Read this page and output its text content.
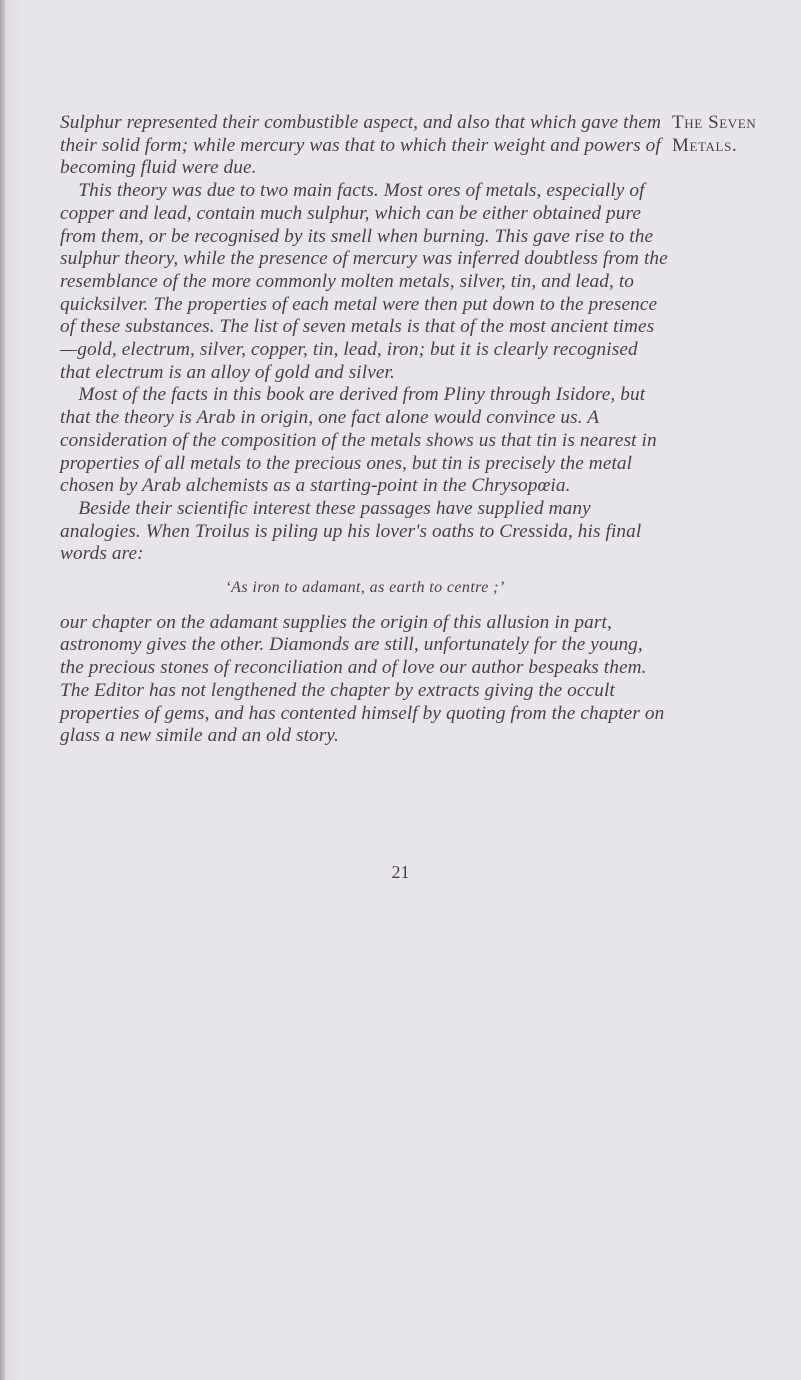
Sulphur represented their combustible aspect, and also that which gave them their solid form; while mercury was that to which their weight and powers of becoming fluid were due.

This theory was due to two main facts. Most ores of metals, especially of copper and lead, contain much sulphur, which can be either obtained pure from them, or be recognised by its smell when burning. This gave rise to the sulphur theory, while the presence of mercury was inferred doubtless from the resemblance of the more commonly molten metals, silver, tin, and lead, to quicksilver. The properties of each metal were then put down to the presence of these substances. The list of seven metals is that of the most ancient times—gold, electrum, silver, copper, tin, lead, iron; but it is clearly recognised that electrum is an alloy of gold and silver.

Most of the facts in this book are derived from Pliny through Isidore, but that the theory is Arab in origin, one fact alone would convince us. A consideration of the composition of the metals shows us that tin is nearest in properties of all metals to the precious ones, but tin is precisely the metal chosen by Arab alchemists as a starting-point in the Chrysopœia.

Beside their scientific interest these passages have supplied many analogies. When Troilus is piling up his lover's oaths to Cressida, his final words are:

‘As iron to adamant, as earth to centre ;’

our chapter on the adamant supplies the origin of this allusion in part, astronomy gives the other. Diamonds are still, unfortunately for the young, the precious stones of reconciliation and of love our author bespeaks them. The Editor has not lengthened the chapter by extracts giving the occult properties of gems, and has contented himself by quoting from the chapter on glass a new simile and an old story.

The Seven
Metals.
21
